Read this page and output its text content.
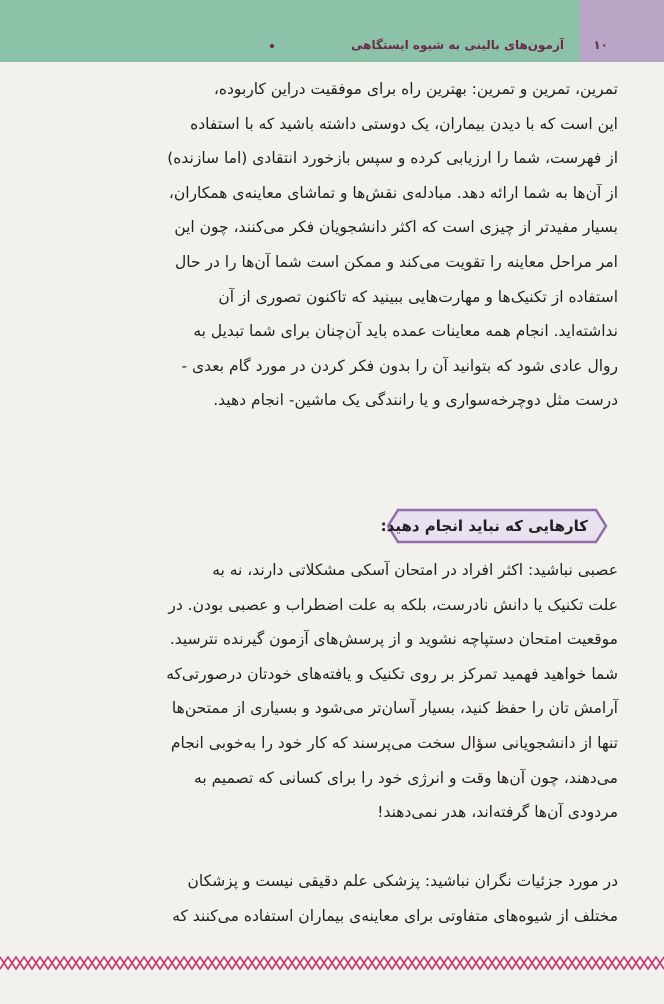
آزمون‌های بالینی به شیوه ایستگاهی ۱۰

تمرین، تمرین و تمرین: بهترین راه برای موفقیت دراین کاربوده،

این است که با دیدن بیماران، یک دوستی داشته باشید که با استفاده

از فهرست، شما را ارزیابی کرده و سپس بازخورد انتقادی (اما سازنده)

از آن‌ها به شما ارائه دهد. مبادله‌ی نقش‌ها و تماشای معاینه‌ی همکاران،

بسیار مفیدتر از چیزی است که اکثر دانشجویان فکر می‌کنند، چون این

امر مراحل معاینه را تقویت می‌کند و ممکن است شما آن‌ها را در حال

استفاده از تکنیک‌ها و مهارت‌هایی ببینید که تاکنون تصوری از آن

نداشته‌اید. انجام همه معاینات عمده باید آن‌چنان برای شما تبدیل به

روال عادی شود که بتوانید آن را بدون فکر کردن در مورد گام بعدی -

درست مثل دوچرخه‌سواری و یا رانندگی یک ماشین- انجام دهید.

کارهایی که نباید انجام دهید:

عصبی نباشید: اکثر افراد در امتحان آسکی مشکلاتی دارند، نه به

علت تکنیک یا دانش نادرست، بلکه به علت اضطراب و عصبی بودن. در

موقعیت امتحان دستپاچه نشوید و از پرسش‌های آزمون گیرنده نترسید.

شما خواهید فهمید تمرکز بر روی تکنیک و یافته‌های خودتان درصورتی‌که

آرامش تان را حفظ کنید، بسیار آسان‌تر می‌شود و بسیاری از ممتحن‌ها

تنها از دانشجویانی سؤال سخت می‌پرسند که کار خود را به‌خوبی انجام

می‌دهند، چون آن‌ها وقت و انرژی خود را برای کسانی که تصمیم به

مردودی آن‌ها گرفته‌اند، هدر نمی‌دهند!

در مورد جزئیات نگران نباشید: پزشکی علم دقیقی نیست و پزشکان

مختلف از شیوه‌های متفاوتی برای معاینه‌ی بیماران استفاده می‌کنند که
